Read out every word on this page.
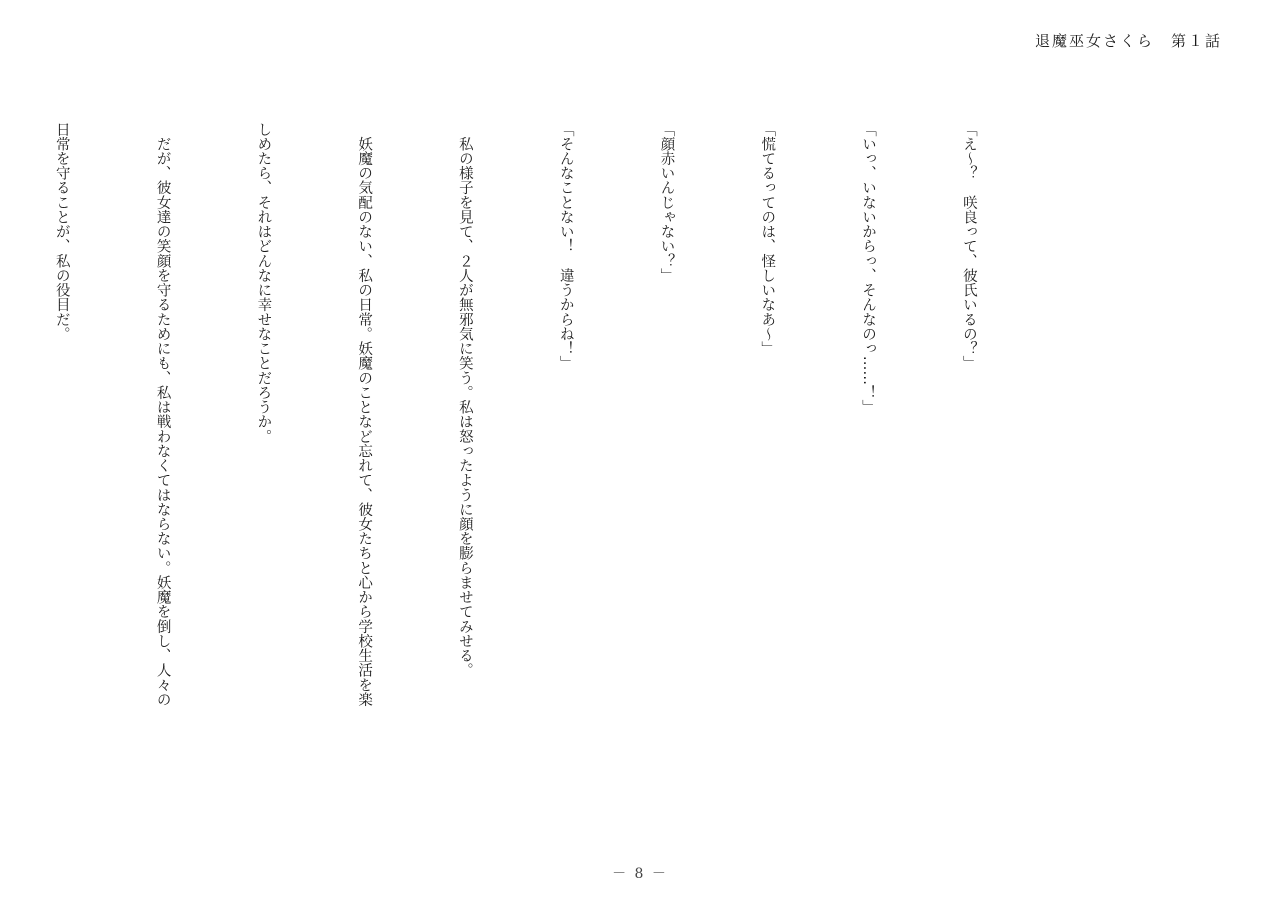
退魔巫女さくら　第１話

「え〜？　咲良って、彼氏いるの？」

「いっ、いないからっ、そんなのっ……！」

「慌てるってのは、怪しいなあ〜」

「顔赤いんじゃない？」

「そんなことない！　違うからね！」

　私の様子を見て、２人が無邪気に笑う。私は怒ったように顔を膨らませてみせる。

　妖魔の気配のない、私の日常。妖魔のことなど忘れて、彼女たちと心から学校生活を楽

しめたら、それはどんなに幸せなことだろうか。

　だが、彼女達の笑顔を守るためにも、私は戦わなくてはならない。妖魔を倒し、人々の

日常を守ることが、私の役目だ。

－ 8 －
